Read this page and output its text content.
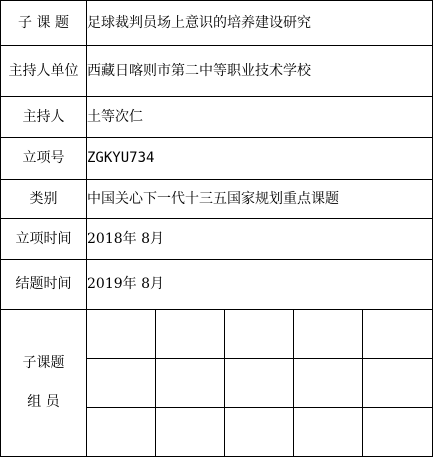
子 课 题	足球裁判员场上意识的培养建设研究				
主持人单位	西藏日喀则市第二中等职业技术学校				
主持人	土等次仁				
立项号	ZGKYU734				
类别	中国关心下一代十三五国家规划重点课题				
立项时间	2018年 8月				
结题时间	2019年 8月				

子课题
组 员					
